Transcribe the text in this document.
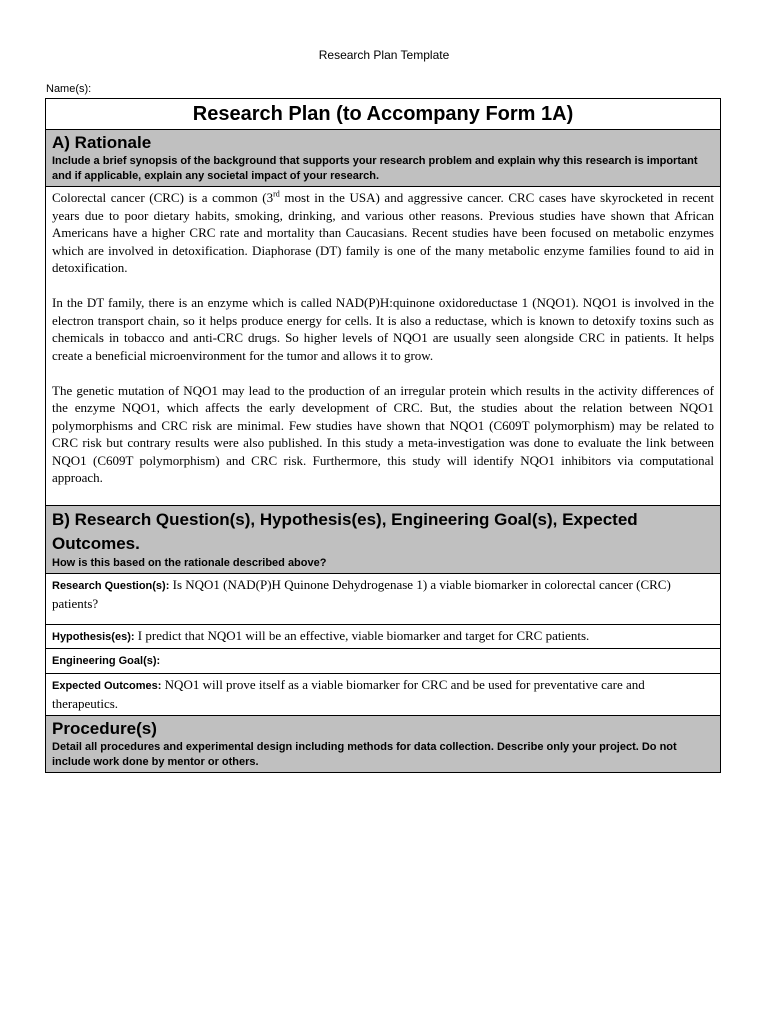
Research Plan Template
Name(s):
Research Plan (to Accompany Form 1A)

A) Rationale
Include a brief synopsis of the background that supports your research problem and explain why this research is important and if applicable, explain any societal impact of your research.

Colorectal cancer (CRC) is a common (3rd most in the USA) and aggressive cancer. CRC cases have skyrocketed in recent years due to poor dietary habits, smoking, drinking, and various other reasons. Previous studies have shown that African Americans have a higher CRC rate and mortality than Caucasians. Recent studies have been focused on metabolic enzymes which are involved in detoxification. Diaphorase (DT) family is one of the many metabolic enzyme families found to aid in detoxification.

In the DT family, there is an enzyme which is called NAD(P)H:quinone oxidoreductase 1 (NQO1). NQO1 is involved in the electron transport chain, so it helps produce energy for cells. It is also a reductase, which is known to detoxify toxins such as chemicals in tobacco and anti-CRC drugs. So higher levels of NQO1 are usually seen alongside CRC in patients. It helps create a beneficial microenvironment for the tumor and allows it to grow.

The genetic mutation of NQO1 may lead to the production of an irregular protein which results in the activity differences of the enzyme NQO1, which affects the early development of CRC. But, the studies about the relation between NQO1 polymorphisms and CRC risk are minimal. Few studies have shown that NQO1 (C609T polymorphism) may be related to CRC risk but contrary results were also published. In this study a meta-investigation was done to evaluate the link between NQO1 (C609T polymorphism) and CRC risk. Furthermore, this study will identify NQO1 inhibitors via computational approach.

B) Research Question(s), Hypothesis(es), Engineering Goal(s), Expected Outcomes.
How is this based on the rationale described above?

Research Question(s): Is NQO1 (NAD(P)H Quinone Dehydrogenase 1) a viable biomarker in colorectal cancer (CRC) patients?
Hypothesis(es): I predict that NQO1 will be an effective, viable biomarker and target for CRC patients.
Engineering Goal(s):
Expected Outcomes: NQO1 will prove itself as a viable biomarker for CRC and be used for preventative care and therapeutics.

Procedure(s)
Detail all procedures and experimental design including methods for data collection. Describe only your project. Do not include work done by mentor or others.
